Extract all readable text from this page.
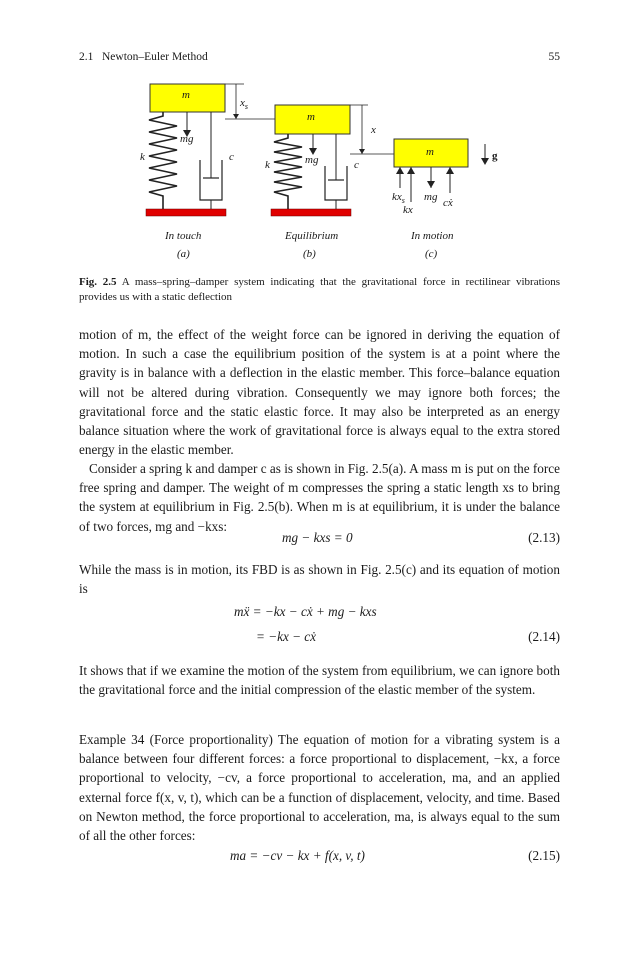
2.1   Newton–Euler Method	55
m
mg
k	c
$x_s$
In touch
(a)
m
mg
k	c
x
Equilibrium
(b)
m
$kx_s$
kx
mg cẋ
g
In motion
(c)
Fig. 2.5 A mass–spring–damper system indicating that the gravitational force in rectilinear vibrations provides us with a static deflection
motion of m, the effect of the weight force can be ignored in deriving the equation of motion. In such a case the equilibrium position of the system is at a point where the gravity is in balance with a deflection in the elastic member. This force–balance equation will not be altered during vibration. Consequently we may ignore both forces; the gravitational force and the static elastic force. It may also be interpreted as an energy balance situation where the work of gravitational force is always equal to the extra stored energy in the elastic member.
Consider a spring k and damper c as is shown in Fig. 2.5(a). A mass m is put on the force free spring and damper. The weight of m compresses the spring a static length xs to bring the system at equilibrium in Fig. 2.5(b). When m is at equilibrium, it is under the balance of two forces, mg and −kxs:
mg − kxs = 0	(2.13)
While the mass is in motion, its FBD is as shown in Fig. 2.5(c) and its equation of motion is
mẍ = −kx − cẋ + mg − kxs
= −kx − cẋ	(2.14)
It shows that if we examine the motion of the system from equilibrium, we can ignore both the gravitational force and the initial compression of the elastic member of the system.
Example 34 (Force proportionality) The equation of motion for a vibrating system is a balance between four different forces: a force proportional to displacement, −kx, a force proportional to velocity, −cv, a force proportional to acceleration, ma, and an applied external force f(x, v, t), which can be a function of displacement, velocity, and time. Based on Newton method, the force proportional to acceleration, ma, is always equal to the sum of all the other forces:
ma = −cv − kx + f(x, v, t)	(2.15)
